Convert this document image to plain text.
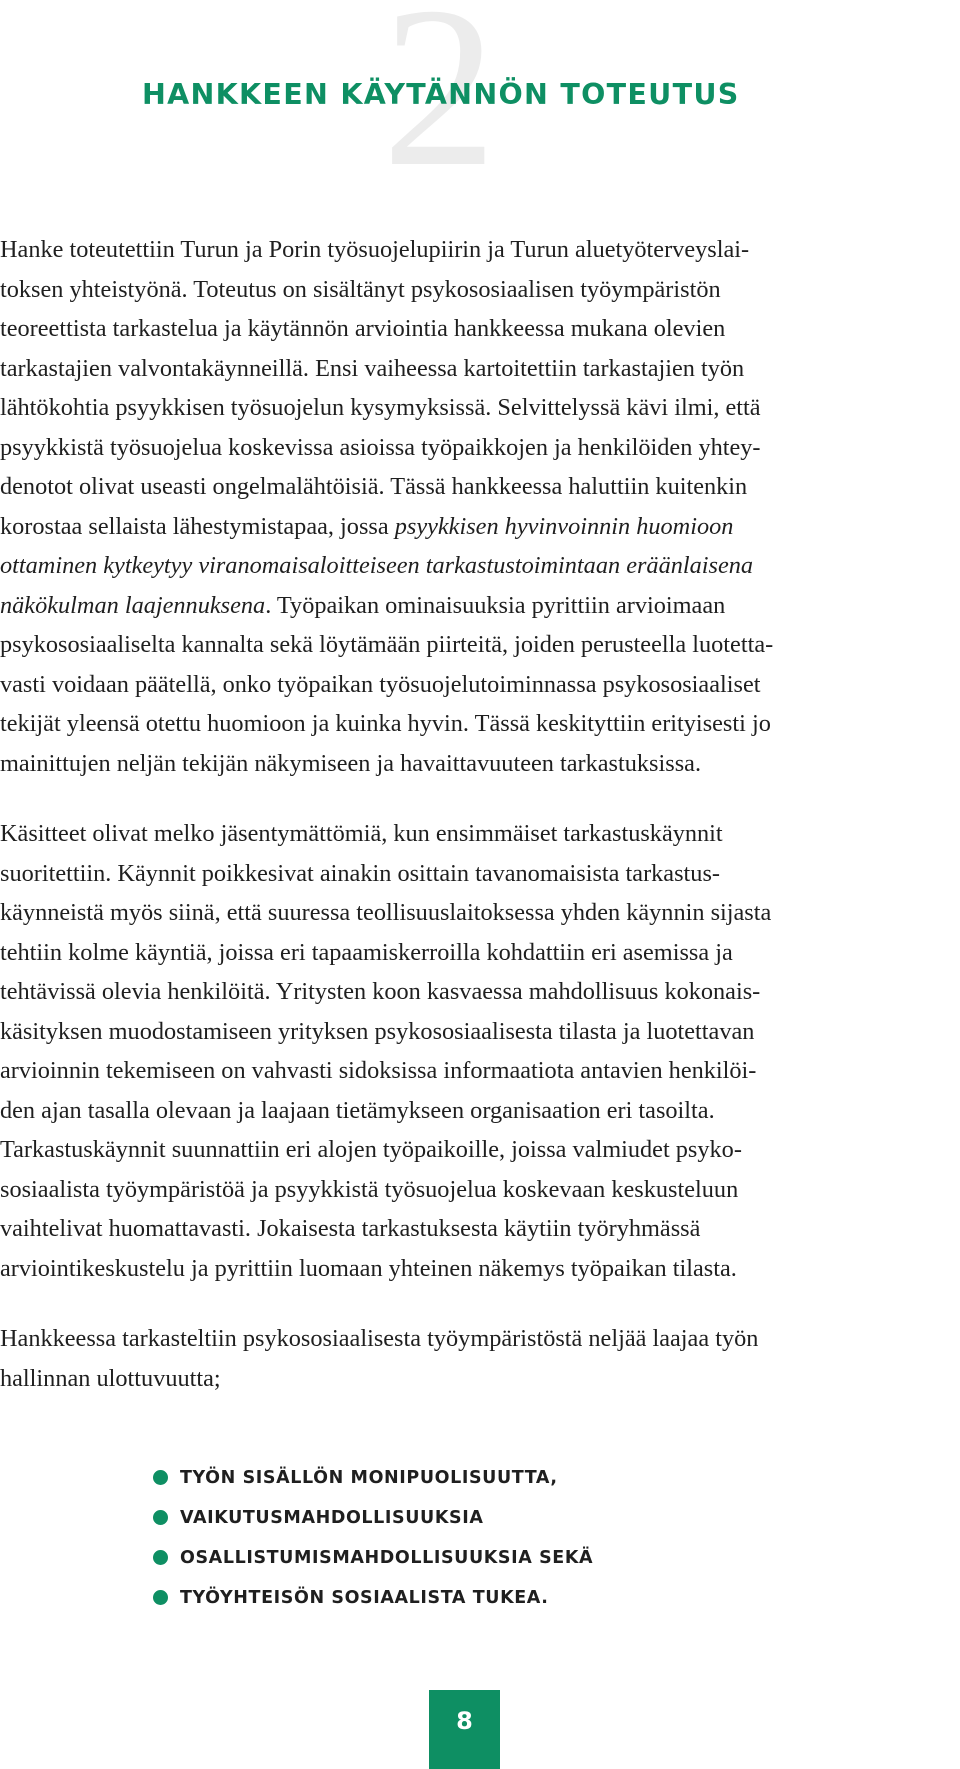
2
HANKKEEN KÄYTÄNNÖN TOTEUTUS

Hanke toteutettiin Turun ja Porin työsuojelupiirin ja Turun aluetyöterveyslai-
toksen yhteistyönä. Toteutus on sisältänyt psykososiaalisen työympäristön
teoreettista tarkastelua ja käytännön arviointia hankkeessa mukana olevien
tarkastajien valvontakäynneillä. Ensi vaiheessa kartoitettiin tarkastajien työn
lähtökohtia psyykkisen työsuojelun kysymyksissä. Selvittelyssä kävi ilmi, että
psyykkistä työsuojelua koskevissa asioissa työpaikkojen ja henkilöiden yhtey-
denotot olivat useasti ongelmalähtöisiä. Tässä hankkeessa haluttiin kuitenkin
korostaa sellaista lähestymistapaa, jossa psyykkisen hyvinvoinnin huomioon
ottaminen kytkeytyy viranomaisaloitteiseen tarkastustoimintaan eräänlaisena
näkökulman laajennuksena. Työpaikan ominaisuuksia pyrittiin arvioimaan
psykososiaaliselta kannalta sekä löytämään piirteitä, joiden perusteella luotetta-
vasti voidaan päätellä, onko työpaikan työsuojelutoiminnassa psykososiaaliset
tekijät yleensä otettu huomioon ja kuinka hyvin. Tässä keskityttiin erityisesti jo
mainittujen neljän tekijän näkymiseen ja havaittavuuteen tarkastuksissa.

Käsitteet olivat melko jäsentymättömiä, kun ensimmäiset tarkastuskäynnit
suoritettiin. Käynnit poikkesivat ainakin osittain tavanomaisista tarkastus-
käynneistä myös siinä, että suuressa teollisuuslaitoksessa yhden käynnin sijasta
tehtiin kolme käyntiä, joissa eri tapaamiskerroilla kohdattiin eri asemissa ja
tehtävissä olevia henkilöitä. Yritysten koon kasvaessa mahdollisuus kokonais-
käsityksen muodostamiseen yrityksen psykososiaalisesta tilasta ja luotettavan
arvioinnin tekemiseen on vahvasti sidoksissa informaatiota antavien henkilöi-
den ajan tasalla olevaan ja laajaan tietämykseen organisaation eri tasoilta.
Tarkastuskäynnit suunnattiin eri alojen työpaikoille, joissa valmiudet psyko-
sosiaalista työympäristöä ja psyykkistä työsuojelua koskevaan keskusteluun
vaihtelivat huomattavasti. Jokaisesta tarkastuksesta käytiin työryhmässä
arviointikeskustelu ja pyrittiin luomaan yhteinen näkemys työpaikan tilasta.

Hankkeessa tarkasteltiin psykososiaalisesta työympäristöstä neljää laajaa työn
hallinnan ulottuvuutta;

TYÖN SISÄLLÖN MONIPUOLISUUTTA,
VAIKUTUSMAHDOLLISUUKSIA
OSALLISTUMISMAHDOLLISUUKSIA SEKÄ
TYÖYHTEISÖN SOSIAALISTA TUKEA.
8
